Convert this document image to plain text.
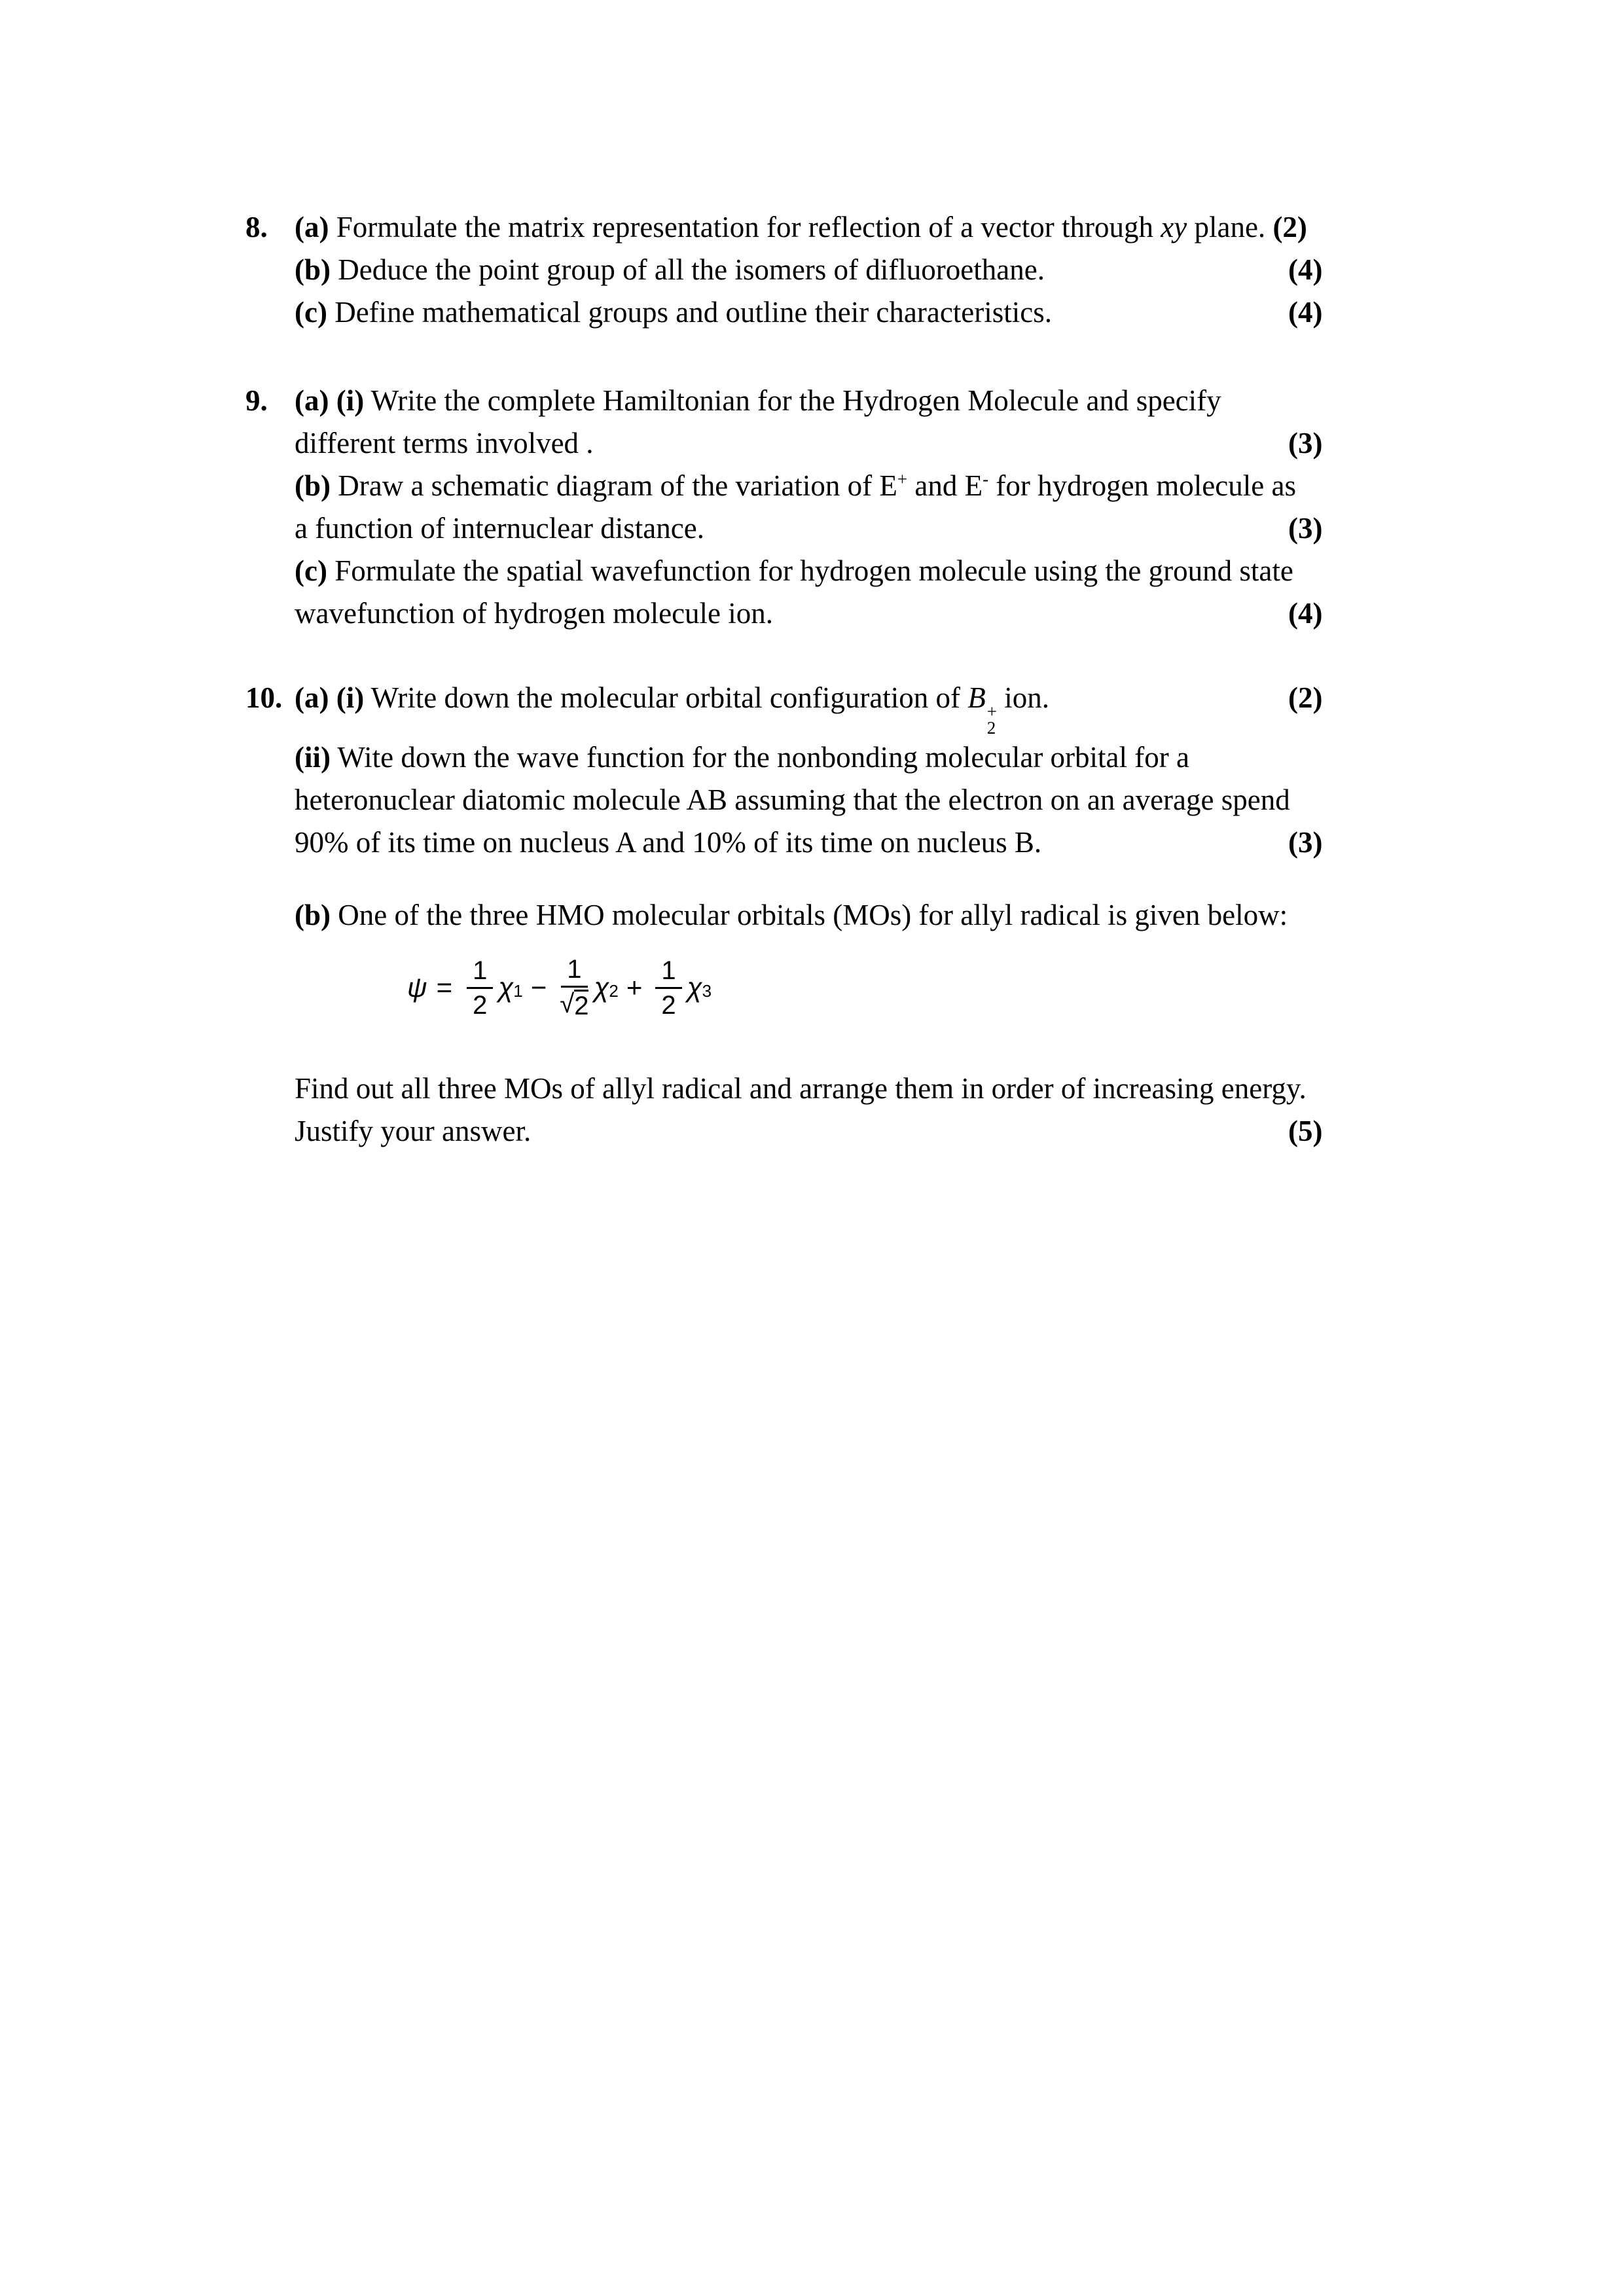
8. (a) Formulate the matrix representation for reflection of a vector through xy plane. (2)
(b) Deduce the point group of all the isomers of difluoroethane.	(4)
(c) Define mathematical groups and outline their characteristics.	(4)
9. (a) (i) Write the complete Hamiltonian for the Hydrogen Molecule and specify
different terms involved .	(3)
(b) Draw a schematic diagram of the variation of E+ and E- for hydrogen molecule as
a function of internuclear distance.	(3)
(c) Formulate the spatial wavefunction for hydrogen molecule using the ground state
wavefunction of hydrogen molecule ion.	(4)
10. (a) (i) Write down the molecular orbital configuration of B +
2
ion.	(2)
(ii) Wite down the wave function for the nonbonding molecular orbital for a
heteronuclear diatomic molecule AB assuming that the electron on an average spend
90% of its time on nucleus A and 10% of its time on nucleus B.	(3)
(b) One of the three HMO molecular orbitals (MOs) for allyl radical is given below:
$\psi = \frac{1}{2}$ χ $1 - \frac{1}{√ 2}$ χ $2 + \frac{1}{2}$ χ 3
Find out all three MOs of allyl radical and arrange them in order of increasing energy.
Justify your answer.	(5)
